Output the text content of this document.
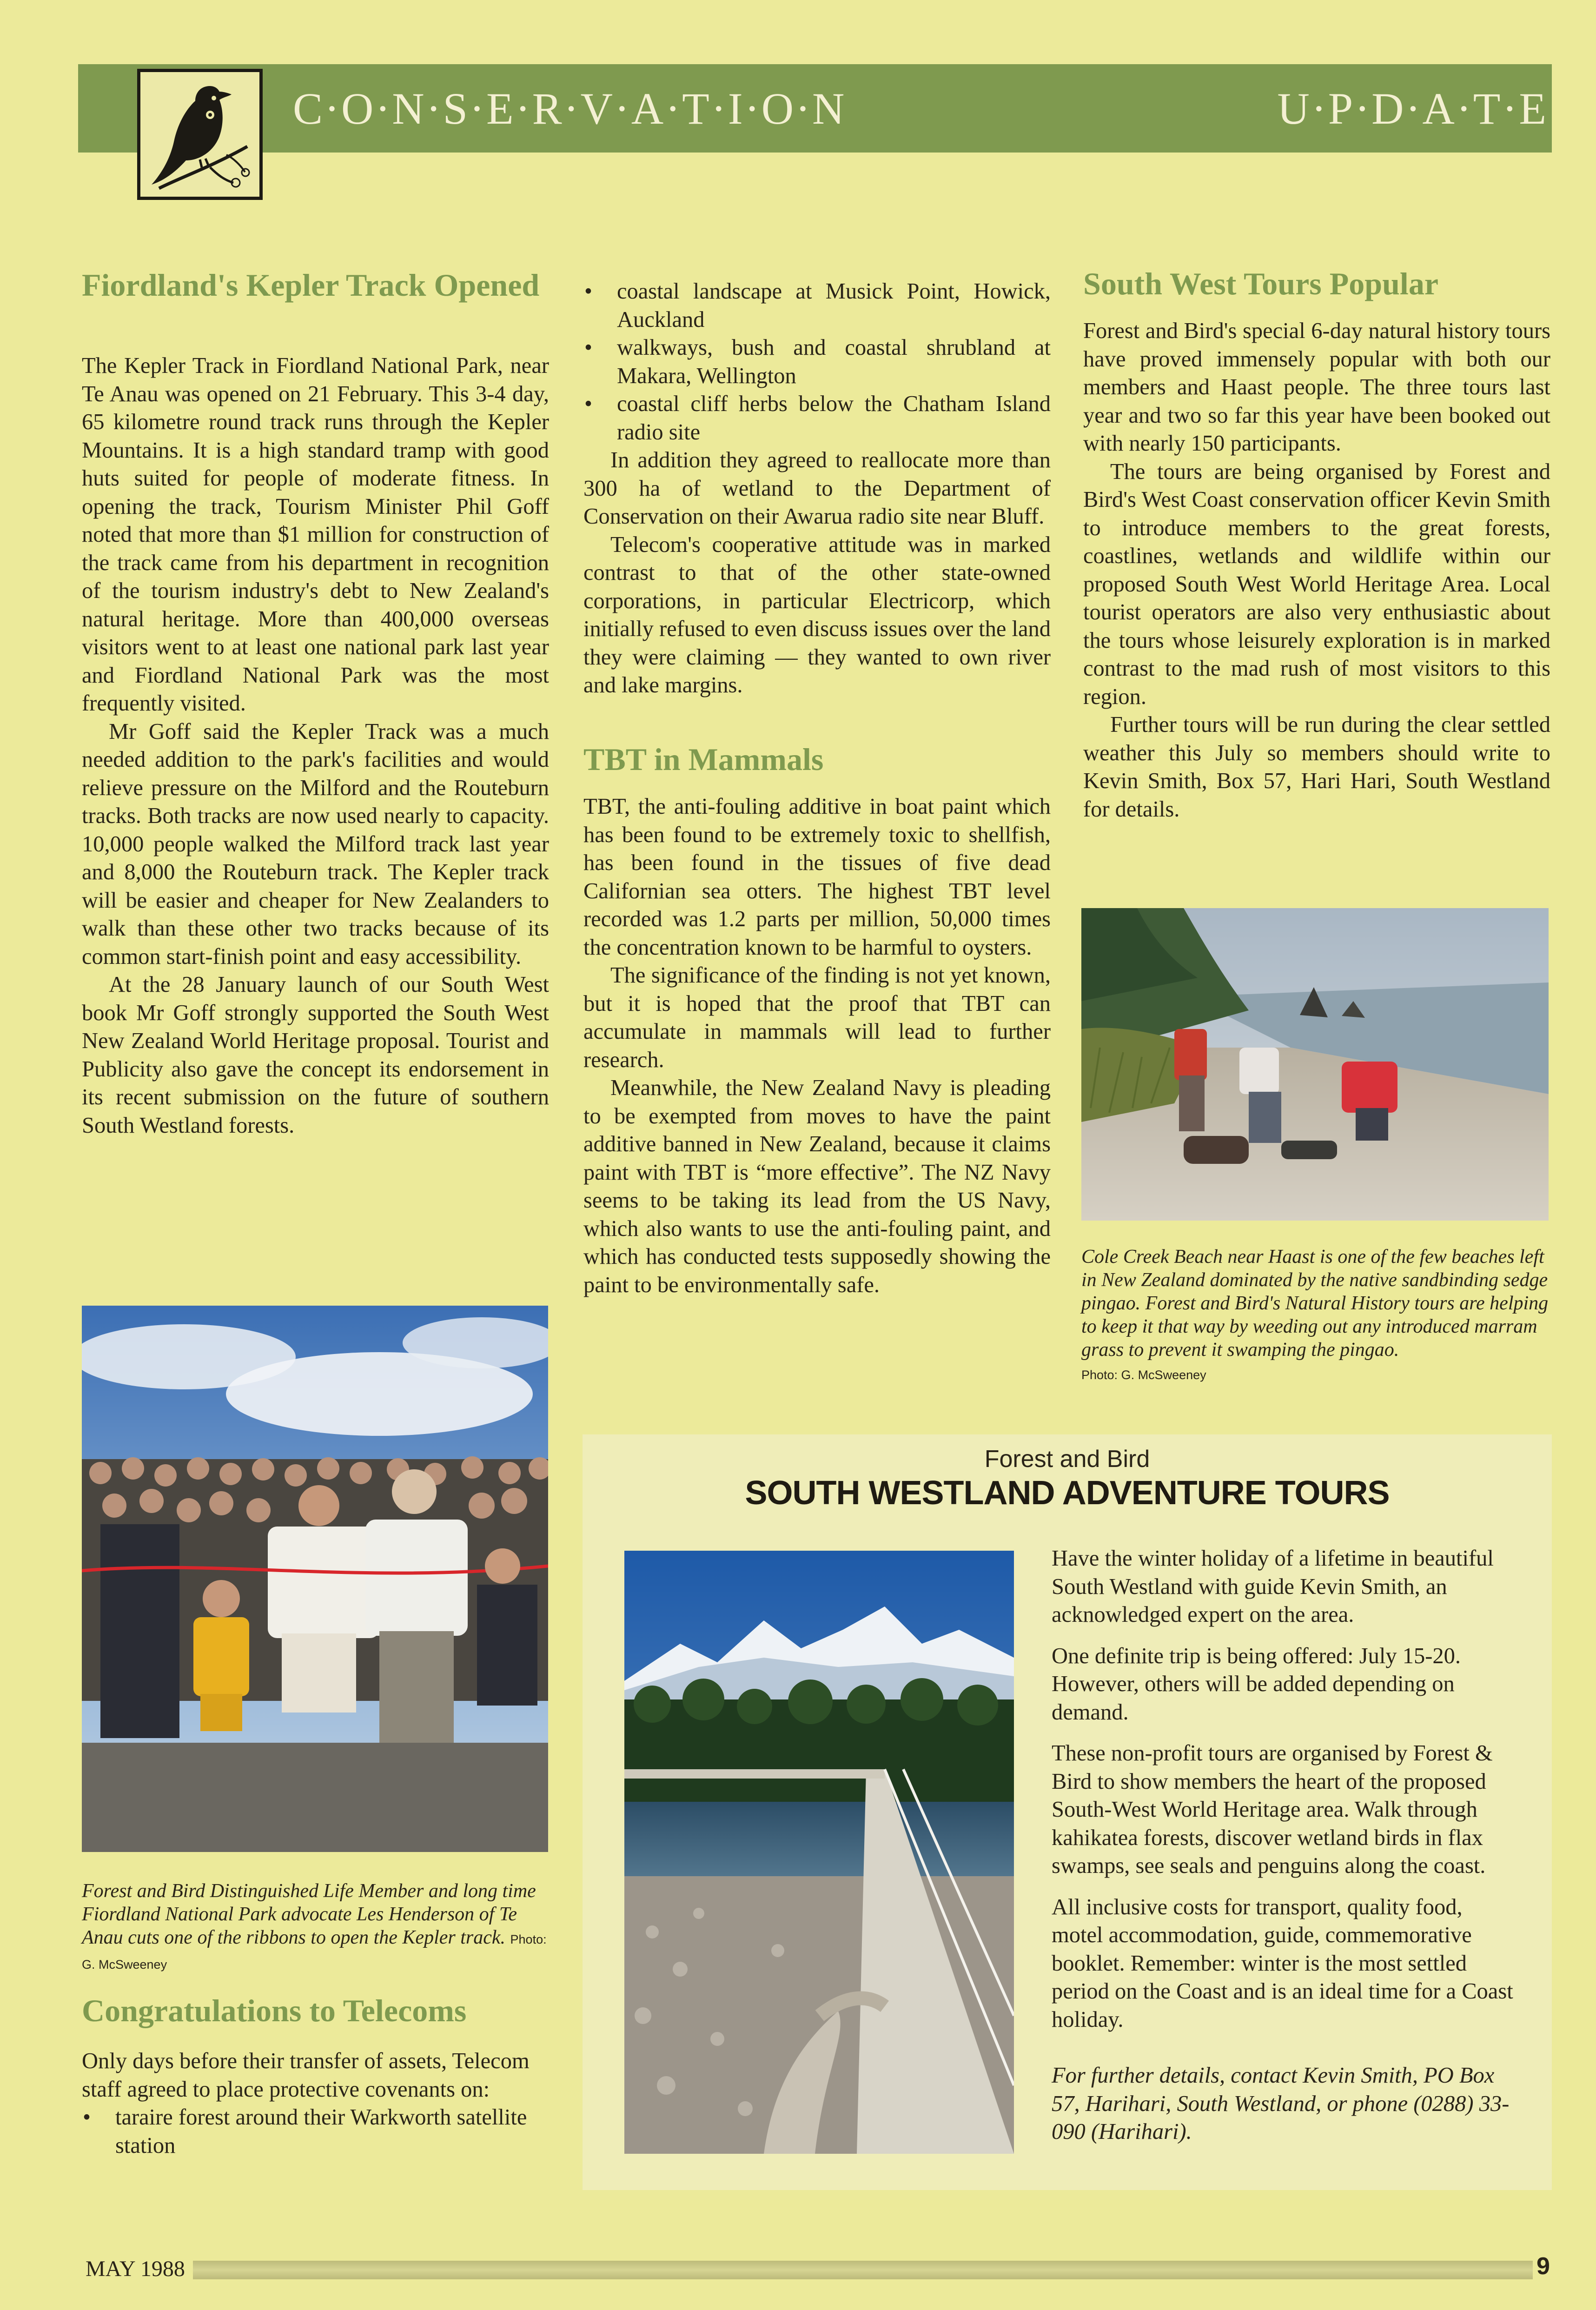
C·O·N·S·E·R·V·A·T·I·O·N	U·P·D·A·T·E
Fiordland's Kepler Track Opened

The Kepler Track in Fiordland National Park, near Te Anau was opened on 21 February. This 3-4 day, 65 kilometre round track runs through the Kepler Mountains. It is a high standard tramp with good huts suited for people of moderate fitness. In opening the track, Tourism Minister Phil Goff noted that more than $1 million for construction of the track came from his department in recognition of the tourism industry's debt to New Zealand's natural heritage. More than 400,000 overseas visitors went to at least one national park last year and Fiordland National Park was the most frequently visited.

Mr Goff said the Kepler Track was a much needed addition to the park's facilities and would relieve pressure on the Milford and the Routeburn tracks. Both tracks are now used nearly to capacity. 10,000 people walked the Milford track last year and 8,000 the Routeburn track. The Kepler track will be easier and cheaper for New Zealanders to walk than these other two tracks because of its common start-finish point and easy accessibility.

At the 28 January launch of our South West book Mr Goff strongly supported the South West New Zealand World Heritage proposal. Tourist and Publicity also gave the concept its endorsement in its recent submission on the future of southern South Westland forests.

Forest and Bird Distinguished Life Member and long time Fiordland National Park advocate Les Henderson of Te Anau cuts one of the ribbons to open the Kepler track. Photo: G. McSweeney
Congratulations to Telecoms

Only days before their transfer of assets, Telecom staff agreed to place protective covenants on:

• taraire forest around their Warkworth satellite station
• coastal landscape at Musick Point, Howick, Auckland
• walkways, bush and coastal shrubland at Makara, Wellington
• coastal cliff herbs below the Chatham Island radio site

In addition they agreed to reallocate more than 300 ha of wetland to the Department of Conservation on their Awarua radio site near Bluff.

Telecom's cooperative attitude was in marked contrast to that of the other state-owned corporations, in particular Electricorp, which initially refused to even discuss issues over the land they were claiming — they wanted to own river and lake margins.

TBT in Mammals

TBT, the anti-fouling additive in boat paint which has been found to be extremely toxic to shellfish, has been found in the tissues of five dead Californian sea otters. The highest TBT level recorded was 1.2 parts per million, 50,000 times the concentration known to be harmful to oysters.

The significance of the finding is not yet known, but it is hoped that the proof that TBT can accumulate in mammals will lead to further research.

Meanwhile, the New Zealand Navy is pleading to be exempted from moves to have the paint additive banned in New Zealand, because it claims paint with TBT is “more effective”. The NZ Navy seems to be taking its lead from the US Navy, which also wants to use the anti-fouling paint, and which has conducted tests supposedly showing the paint to be environmentally safe.

South West Tours Popular

Forest and Bird's special 6-day natural history tours have proved immensely popular with both our members and Haast people. The three tours last year and two so far this year have been booked out with nearly 150 participants.

The tours are being organised by Forest and Bird's West Coast conservation officer Kevin Smith to introduce members to the great forests, coastlines, wetlands and wildlife within our proposed South West World Heritage Area. Local tourist operators are also very enthusiastic about the tours whose leisurely exploration is in marked contrast to the mad rush of most visitors to this region.

Further tours will be run during the clear settled weather this July so members should write to Kevin Smith, Box 57, Hari Hari, South Westland for details.

Cole Creek Beach near Haast is one of the few beaches left in New Zealand dominated by the native sandbinding sedge pingao. Forest and Bird's Natural History tours are helping to keep it that way by weeding out any introduced marram grass to prevent it swamping the pingao.
Photo: G. McSweeney
Forest and Bird
SOUTH WESTLAND ADVENTURE TOURS

Have the winter holiday of a lifetime in beautiful South Westland with guide Kevin Smith, an acknowledged expert on the area.

One definite trip is being offered: July 15-20. However, others will be added depending on demand.

These non-profit tours are organised by Forest & Bird to show members the heart of the proposed South-West World Heritage area. Walk through kahikatea forests, discover wetland birds in flax swamps, see seals and penguins along the coast.

All inclusive costs for transport, quality food, motel accommodation, guide, commemorative booklet. Remember: winter is the most settled period on the Coast and is an ideal time for a Coast holiday.

For further details, contact Kevin Smith, PO Box 57, Harihari, South Westland, or phone (0288) 33-090 (Harihari).

MAY 1988	9
